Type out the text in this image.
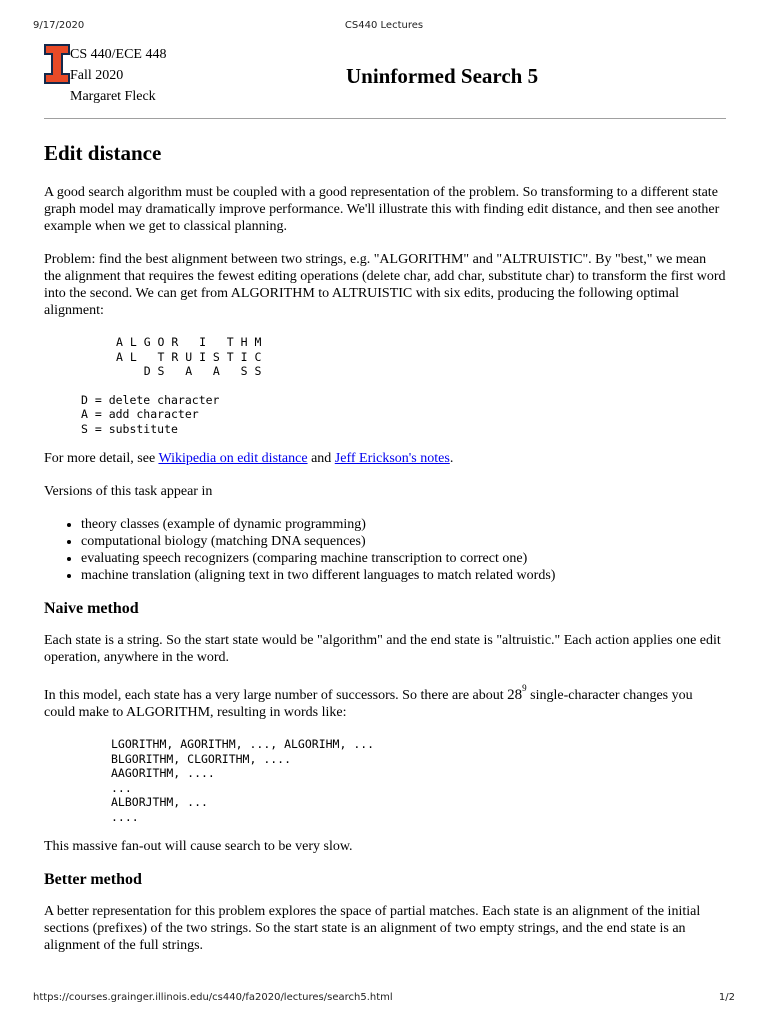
9/17/2020	CS440 Lectures
CS 440/ECE 448
Fall 2020
Margaret Fleck
Uninformed Search 5
Edit distance

A good search algorithm must be coupled with a good representation of the problem. So transforming to a different state graph model may dramatically improve performance. We'll illustrate this with finding edit distance, and then see another example when we get to classical planning.

Problem: find the best alignment between two strings, e.g. "ALGORITHM" and "ALTRUISTIC". By "best," we mean the alignment that requires the fewest editing operations (delete char, add char, substitute char) to transform the first word into the second. We can get from ALGORITHM to ALTRUISTIC with six edits, producing the following optimal alignment:

A L G O R   I   T H M
A L   T R U I S T I C
D S   A   A   S S
D = delete character
A = add character
S = substitute

For more detail, see Wikipedia on edit distance and Jeff Erickson's notes.

Versions of this task appear in

• theory classes (example of dynamic programming)
• computational biology (matching DNA sequences)
• evaluating speech recognizers (comparing machine transcription to correct one)
• machine translation (aligning text in two different languages to match related words)
Naive method

Each state is a string. So the start state would be "algorithm" and the end state is "altruistic." Each action applies one edit operation, anywhere in the word.

In this model, each state has a very large number of successors. So there are about $28^9$ single-character changes you could make to ALGORITHM, resulting in words like:

LGORITHM, AGORITHM, ..., ALGORIHM, ...
BLGORITHM, CLGORITHM, ....
AAGORITHM, ....
...
ALBORJTHM, ...
....

This massive fan-out will cause search to be very slow.

Better method

A better representation for this problem explores the space of partial matches. Each state is an alignment of the initial sections (prefixes) of the two strings. So the start state is an alignment of two empty strings, and the end state is an alignment of the full strings.

https://courses.grainger.illinois.edu/cs440/fa2020/lectures/search5.html	1/2
